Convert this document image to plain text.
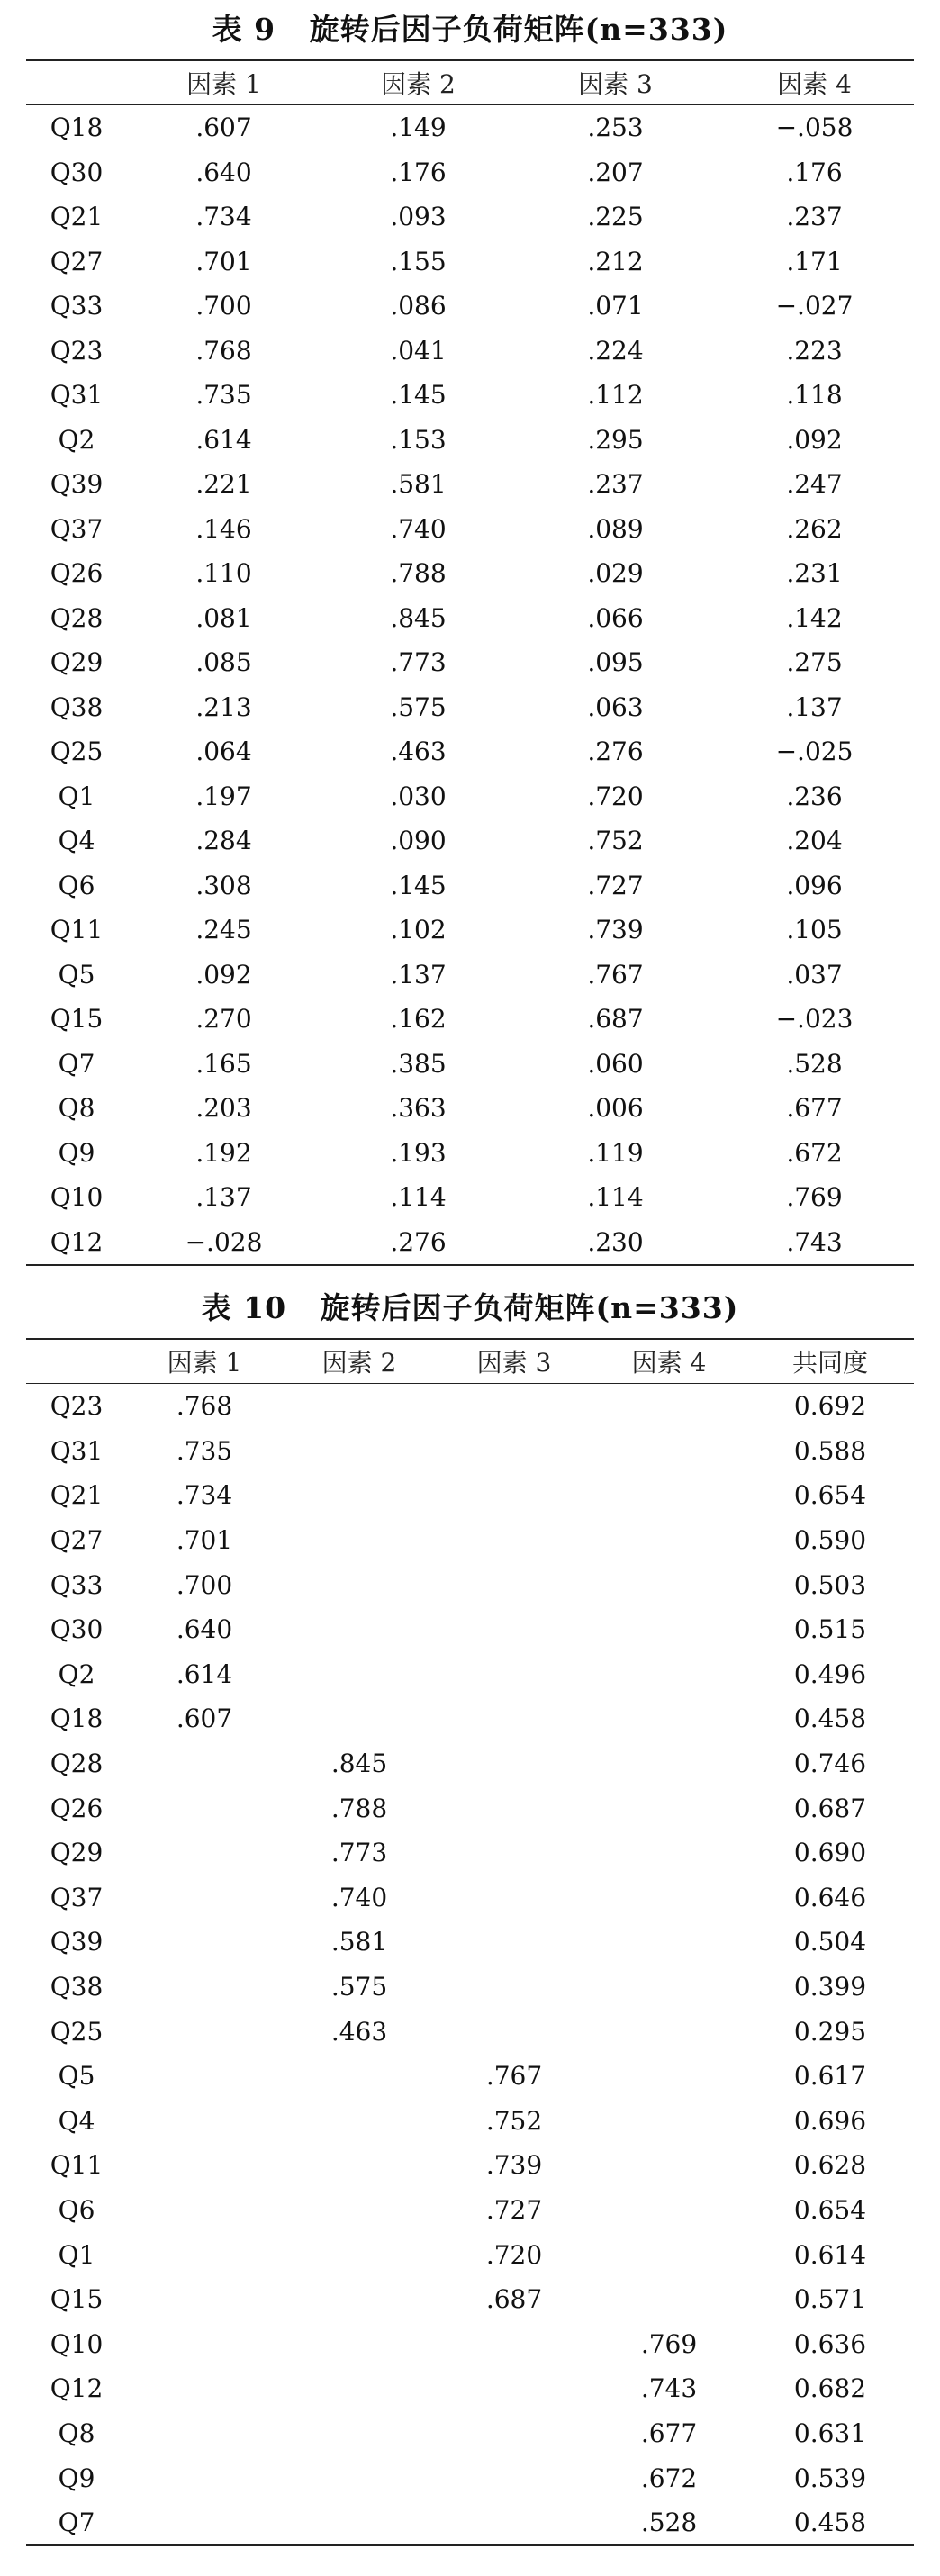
表 9   旋转后因子负荷矩阵(n=333)
	因素 1	因素 2	因素 3	因素 4
Q18	.607	.149	.253	−.058
Q30	.640	.176	.207	.176
Q21	.734	.093	.225	.237
Q27	.701	.155	.212	.171
Q33	.700	.086	.071	−.027
Q23	.768	.041	.224	.223
Q31	.735	.145	.112	.118
Q2	.614	.153	.295	.092
Q39	.221	.581	.237	.247
Q37	.146	.740	.089	.262
Q26	.110	.788	.029	.231
Q28	.081	.845	.066	.142
Q29	.085	.773	.095	.275
Q38	.213	.575	.063	.137
Q25	.064	.463	.276	−.025
Q1	.197	.030	.720	.236
Q4	.284	.090	.752	.204
Q6	.308	.145	.727	.096
Q11	.245	.102	.739	.105
Q5	.092	.137	.767	.037
Q15	.270	.162	.687	−.023
Q7	.165	.385	.060	.528
Q8	.203	.363	.006	.677
Q9	.192	.193	.119	.672
Q10	.137	.114	.114	.769
Q12	−.028	.276	.230	.743
表 10   旋转后因子负荷矩阵(n=333)
	因素 1	因素 2	因素 3	因素 4	共同度
Q23	.768				0.692
Q31	.735				0.588
Q21	.734				0.654
Q27	.701				0.590
Q33	.700				0.503
Q30	.640				0.515
Q2	.614				0.496
Q18	.607				0.458
Q28		.845			0.746
Q26		.788			0.687
Q29		.773			0.690
Q37		.740			0.646
Q39		.581			0.504
Q38		.575			0.399
Q25		.463			0.295
Q5			.767		0.617
Q4			.752		0.696
Q11			.739		0.628
Q6			.727		0.654
Q1			.720		0.614
Q15			.687		0.571
Q10				.769	0.636
Q12				.743	0.682
Q8				.677	0.631
Q9				.672	0.539
Q7				.528	0.458
